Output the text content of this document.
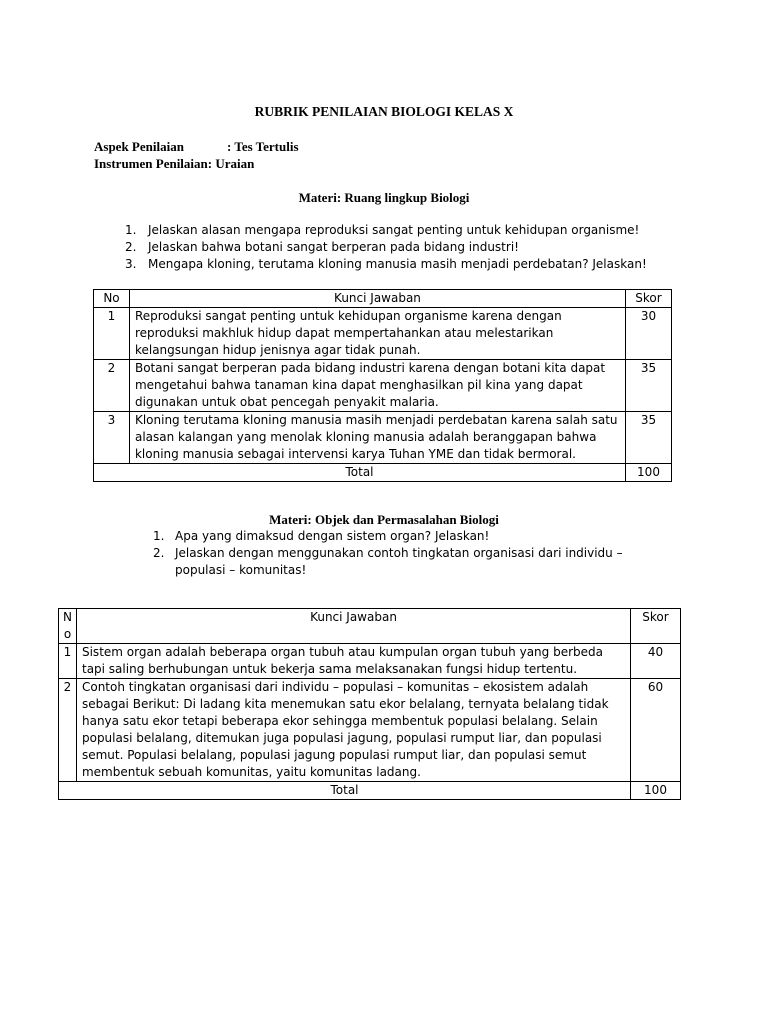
RUBRIK PENILAIAN BIOLOGI KELAS X
Aspek Penilaian	: Tes Tertulis
Instrumen Penilaian: Uraian
Materi: Ruang lingkup Biologi
1. Jelaskan alasan mengapa reproduksi sangat penting untuk kehidupan organisme!
2. Jelaskan bahwa botani sangat berperan pada bidang industri!
3. Mengapa kloning, terutama kloning manusia masih menjadi perdebatan? Jelaskan!
No	Kunci Jawaban	Skor
1	Reproduksi sangat penting untuk kehidupan organisme karena dengan reproduksi makhluk hidup dapat mempertahankan atau melestarikan kelangsungan hidup jenisnya agar tidak punah.	30
2	Botani sangat berperan pada bidang industri karena dengan botani kita dapat mengetahui bahwa tanaman kina dapat menghasilkan pil kina yang dapat digunakan untuk obat pencegah penyakit malaria.	35
3	Kloning terutama kloning manusia masih menjadi perdebatan karena salah satu alasan kalangan yang menolak kloning manusia adalah beranggapan bahwa kloning manusia sebagai intervensi karya Tuhan YME dan tidak bermoral.	35
Total		100
Materi: Objek dan Permasalahan Biologi
1. Apa yang dimaksud dengan sistem organ? Jelaskan!
2. Jelaskan dengan menggunakan contoh tingkatan organisasi dari individu – populasi – komunitas!
No	Kunci Jawaban	Skor
1	Sistem organ adalah beberapa organ tubuh atau kumpulan organ tubuh yang berbeda tapi saling berhubungan untuk bekerja sama melaksanakan fungsi hidup tertentu.	40
2	Contoh tingkatan organisasi dari individu – populasi – komunitas – ekosistem adalah sebagai Berikut: Di ladang kita menemukan satu ekor belalang, ternyata belalang tidak hanya satu ekor tetapi beberapa ekor sehingga membentuk populasi belalang. Selain populasi belalang, ditemukan juga populasi jagung, populasi rumput liar, dan populasi semut. Populasi belalang, populasi jagung populasi rumput liar, dan populasi semut membentuk sebuah komunitas, yaitu komunitas ladang.	60
Total		100
